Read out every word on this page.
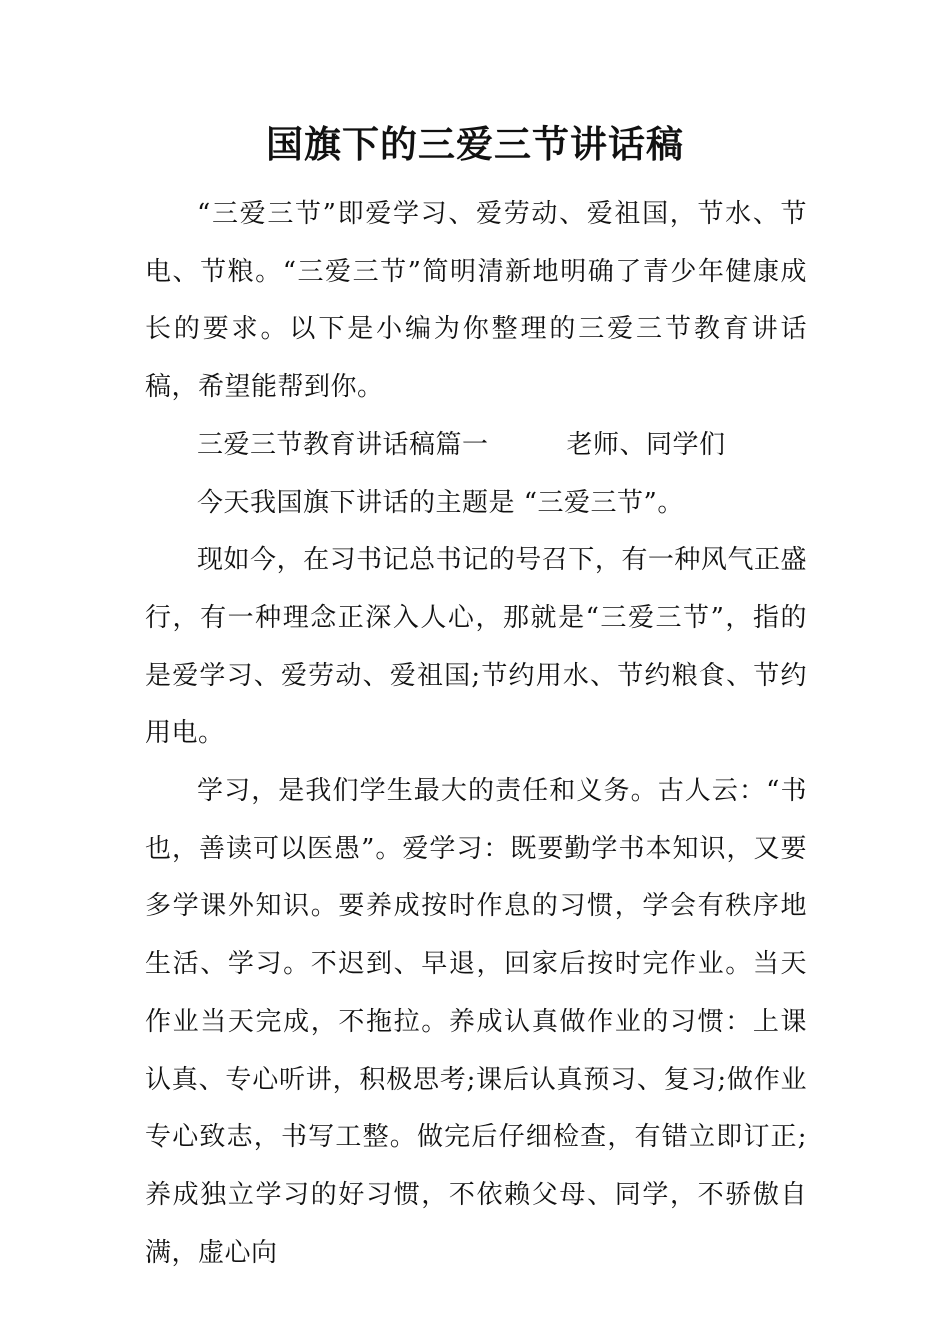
国旗下的三爱三节讲话稿

“三爱三节”即爱学习、爱劳动、爱祖国，节水、节电、节粮。“三爱三节”简明清新地明确了青少年健康成长的要求。以下是小编为你整理的三爱三节教育讲话稿，希望能帮到你。

三爱三节教育讲话稿篇一	老师、同学们

今天我国旗下讲话的主题是 “三爱三节”。

现如今，在习书记总书记的号召下，有一种风气正盛行，有一种理念正深入人心，那就是“三爱三节”，指的是爱学习、爱劳动、爱祖国;节约用水、节约粮食、节约用电。

学习，是我们学生最大的责任和义务。古人云：“书也，善读可以医愚”。爱学习：既要勤学书本知识，又要多学课外知识。要养成按时作息的习惯，学会有秩序地生活、学习。不迟到、早退，回家后按时完作业。当天作业当天完成，不拖拉。养成认真做作业的习惯：上课认真、专心听讲，积极思考;课后认真预习、复习;做作业专心致志，书写工整。做完后仔细检查，有错立即订正;养成独立学习的好习惯，不依赖父母、同学，不骄傲自满，虚心向
